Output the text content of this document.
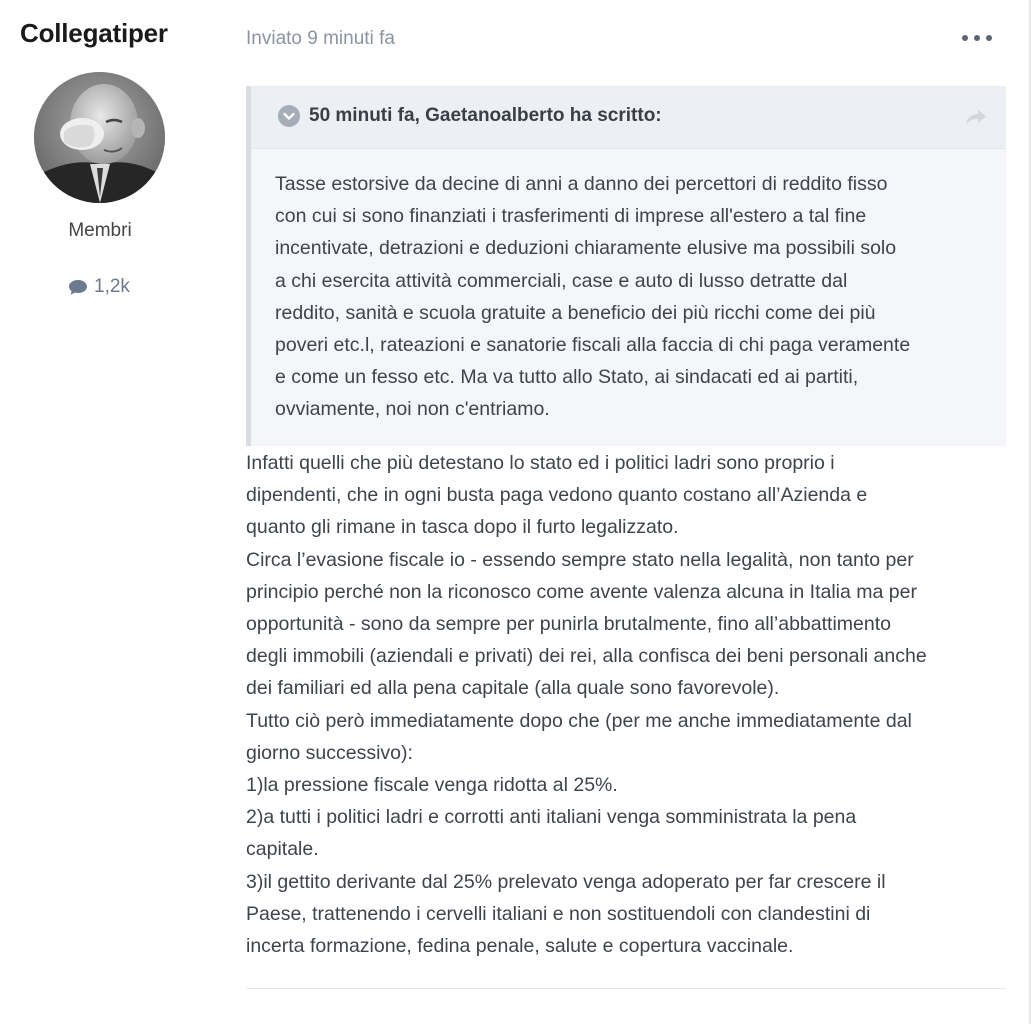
Collegatiper
Membri
1,2k
Inviato 9 minuti fa
50 minuti fa, Gaetanoalberto ha scritto:
Tasse estorsive da decine di anni a danno dei percettori di reddito fisso
con cui si sono finanziati i trasferimenti di imprese all'estero a tal fine
incentivate, detrazioni e deduzioni chiaramente elusive ma possibili solo
a chi esercita attività commerciali, case e auto di lusso detratte dal
reddito, sanità e scuola gratuite a beneficio dei più ricchi come dei più
poveri etc.l, rateazioni e sanatorie fiscali alla faccia di chi paga veramente
e come un fesso etc. Ma va tutto allo Stato, ai sindacati ed ai partiti,
ovviamente, noi non c'entriamo.

Infatti quelli che più detestano lo stato ed i politici ladri sono proprio i

dipendenti, che in ogni busta paga vedono quanto costano all’Azienda e

quanto gli rimane in tasca dopo il furto legalizzato.

Circa l’evasione fiscale io - essendo sempre stato nella legalità, non tanto per

principio perché non la riconosco come avente valenza alcuna in Italia ma per

opportunità - sono da sempre per punirla brutalmente, fino all’abbattimento

degli immobili (aziendali e privati) dei rei, alla confisca dei beni personali anche

dei familiari ed alla pena capitale (alla quale sono favorevole).

Tutto ciò però immediatamente dopo che (per me anche immediatamente dal

giorno successivo):

1)la pressione fiscale venga ridotta al 25%.

2)a tutti i politici ladri e corrotti anti italiani venga somministrata la pena

capitale.

3)il gettito derivante dal 25% prelevato venga adoperato per far crescere il

Paese, trattenendo i cervelli italiani e non sostituendoli con clandestini di

incerta formazione, fedina penale, salute e copertura vaccinale.
